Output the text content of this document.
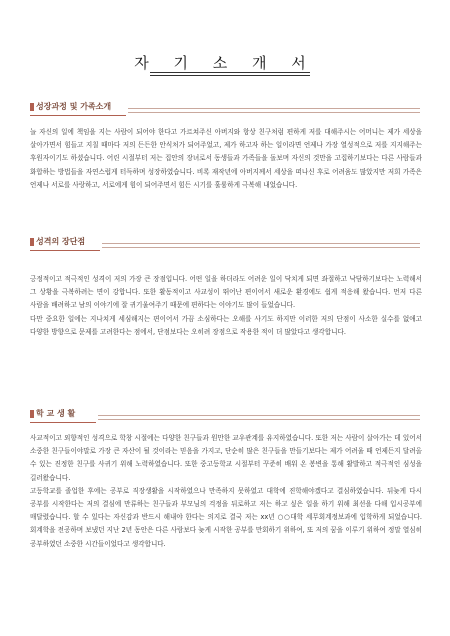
자 기 소 개 서
성장과정 및 가족소개

늘 자신의 일에 책임을 지는 사람이 되어야 한다고 가르쳐주신 아버지와 항상 친구처럼 편하게 저를 대해주시는 어머니는 제가 세상을 살아가면서 힘들고 지칠 때마다 저의 든든한 안식처가 되어주었고, 제가 하고자 하는 일이라면 언제나 가장 열성적으로 저를 지지해주는 후원자이기도 하셨습니다. 어린 시절부터 저는 집안의 장녀로서 동생들과 가족들을 돌보며 자신의 것만을 고집하기보다는 다른 사람들과 화합하는 방법들을 자연스럽게 터득하며 성장하였습니다. 비록 재작년에 아버지께서 세상을 떠나신 후로 어려움도 많았지만 저희 가족은 언제나 서로를 사랑하고, 서로에게 힘이 되어주면서 힘든 시기를 훌륭하게 극복해 내었습니다.

성격의 장단점

긍정적이고 적극적인 성격이 저의 가장 큰 장점입니다. 어떤 일을 하더라도 어려운 일이 닥치게 되면 좌절하고 낙담하기보다는 노력해서 그 상황을 극복하려는 면이 강합니다. 또한 활동적이고 사교성이 뛰어난 편이어서 새로운 환경에도 쉽게 적응해 왔습니다. 먼저 다른 사람을 배려하고 남의 이야기에 잘 귀기울여주기 때문에 편하다는 이야기도 많이 들었습니다.

다만 중요한 일에는 지나치게 세심해지는 편이어서 가끔 소심하다는 오해를 사기도 하지만 이러한 저의 단점이 사소한 실수를 없애고 다양한 방향으로 문제를 고려한다는 점에서, 단점보다는 오히려 장점으로 작용한 적이 더 많았다고 생각합니다.

학 교 생 활

사교적이고 외향적인 성격으로 학창 시절에는 다양한 친구들과 원만한 교우관계를 유지하였습니다. 또한 저는 사람이 살아가는 데 있어서 소중한 친구들이야말로 가장 큰 자산이 될 것이라는 믿음을 가지고, 단순히 많은 친구들을 만들기보다는 제가 어려울 때 언제든지 달려올 수 있는 진정한 친구를 사귀기 위해 노력하였습니다. 또한 중고등학교 시절부터 꾸준히 배워 온 봉변을 통해 활발하고 적극적인 심성을 길러왔습니다.

고등학교를 졸업한 후에는 공부로 직장생활을 시작하였으나 만족하지 못하였고 대학에 진학해야겠다고 결심하였습니다. 뒤늦게 다시 공부를 시작한다는 저의 결심에 만류하는 친구들과 부모님의 걱정을 뒤로하고 저는 하고 싶은 일을 하기 위해 최선을 다해 입시공부에 매달렸습니다. 할 수 있다는 자신감과 반드시 해내야 한다는 의지로 결국 저는 xx년 ○○대학 세무회계정보과에 입학하게 되었습니다. 회계학을 전공하며 보냈던 지난 2년 동안은 다른 사람보다 늦게 시작한 공부를 만회하기 위하여, 또 저의 꿈을 이루기 위하여 정말 열심히 공부하였던 소중한 시간들이었다고 생각합니다.
